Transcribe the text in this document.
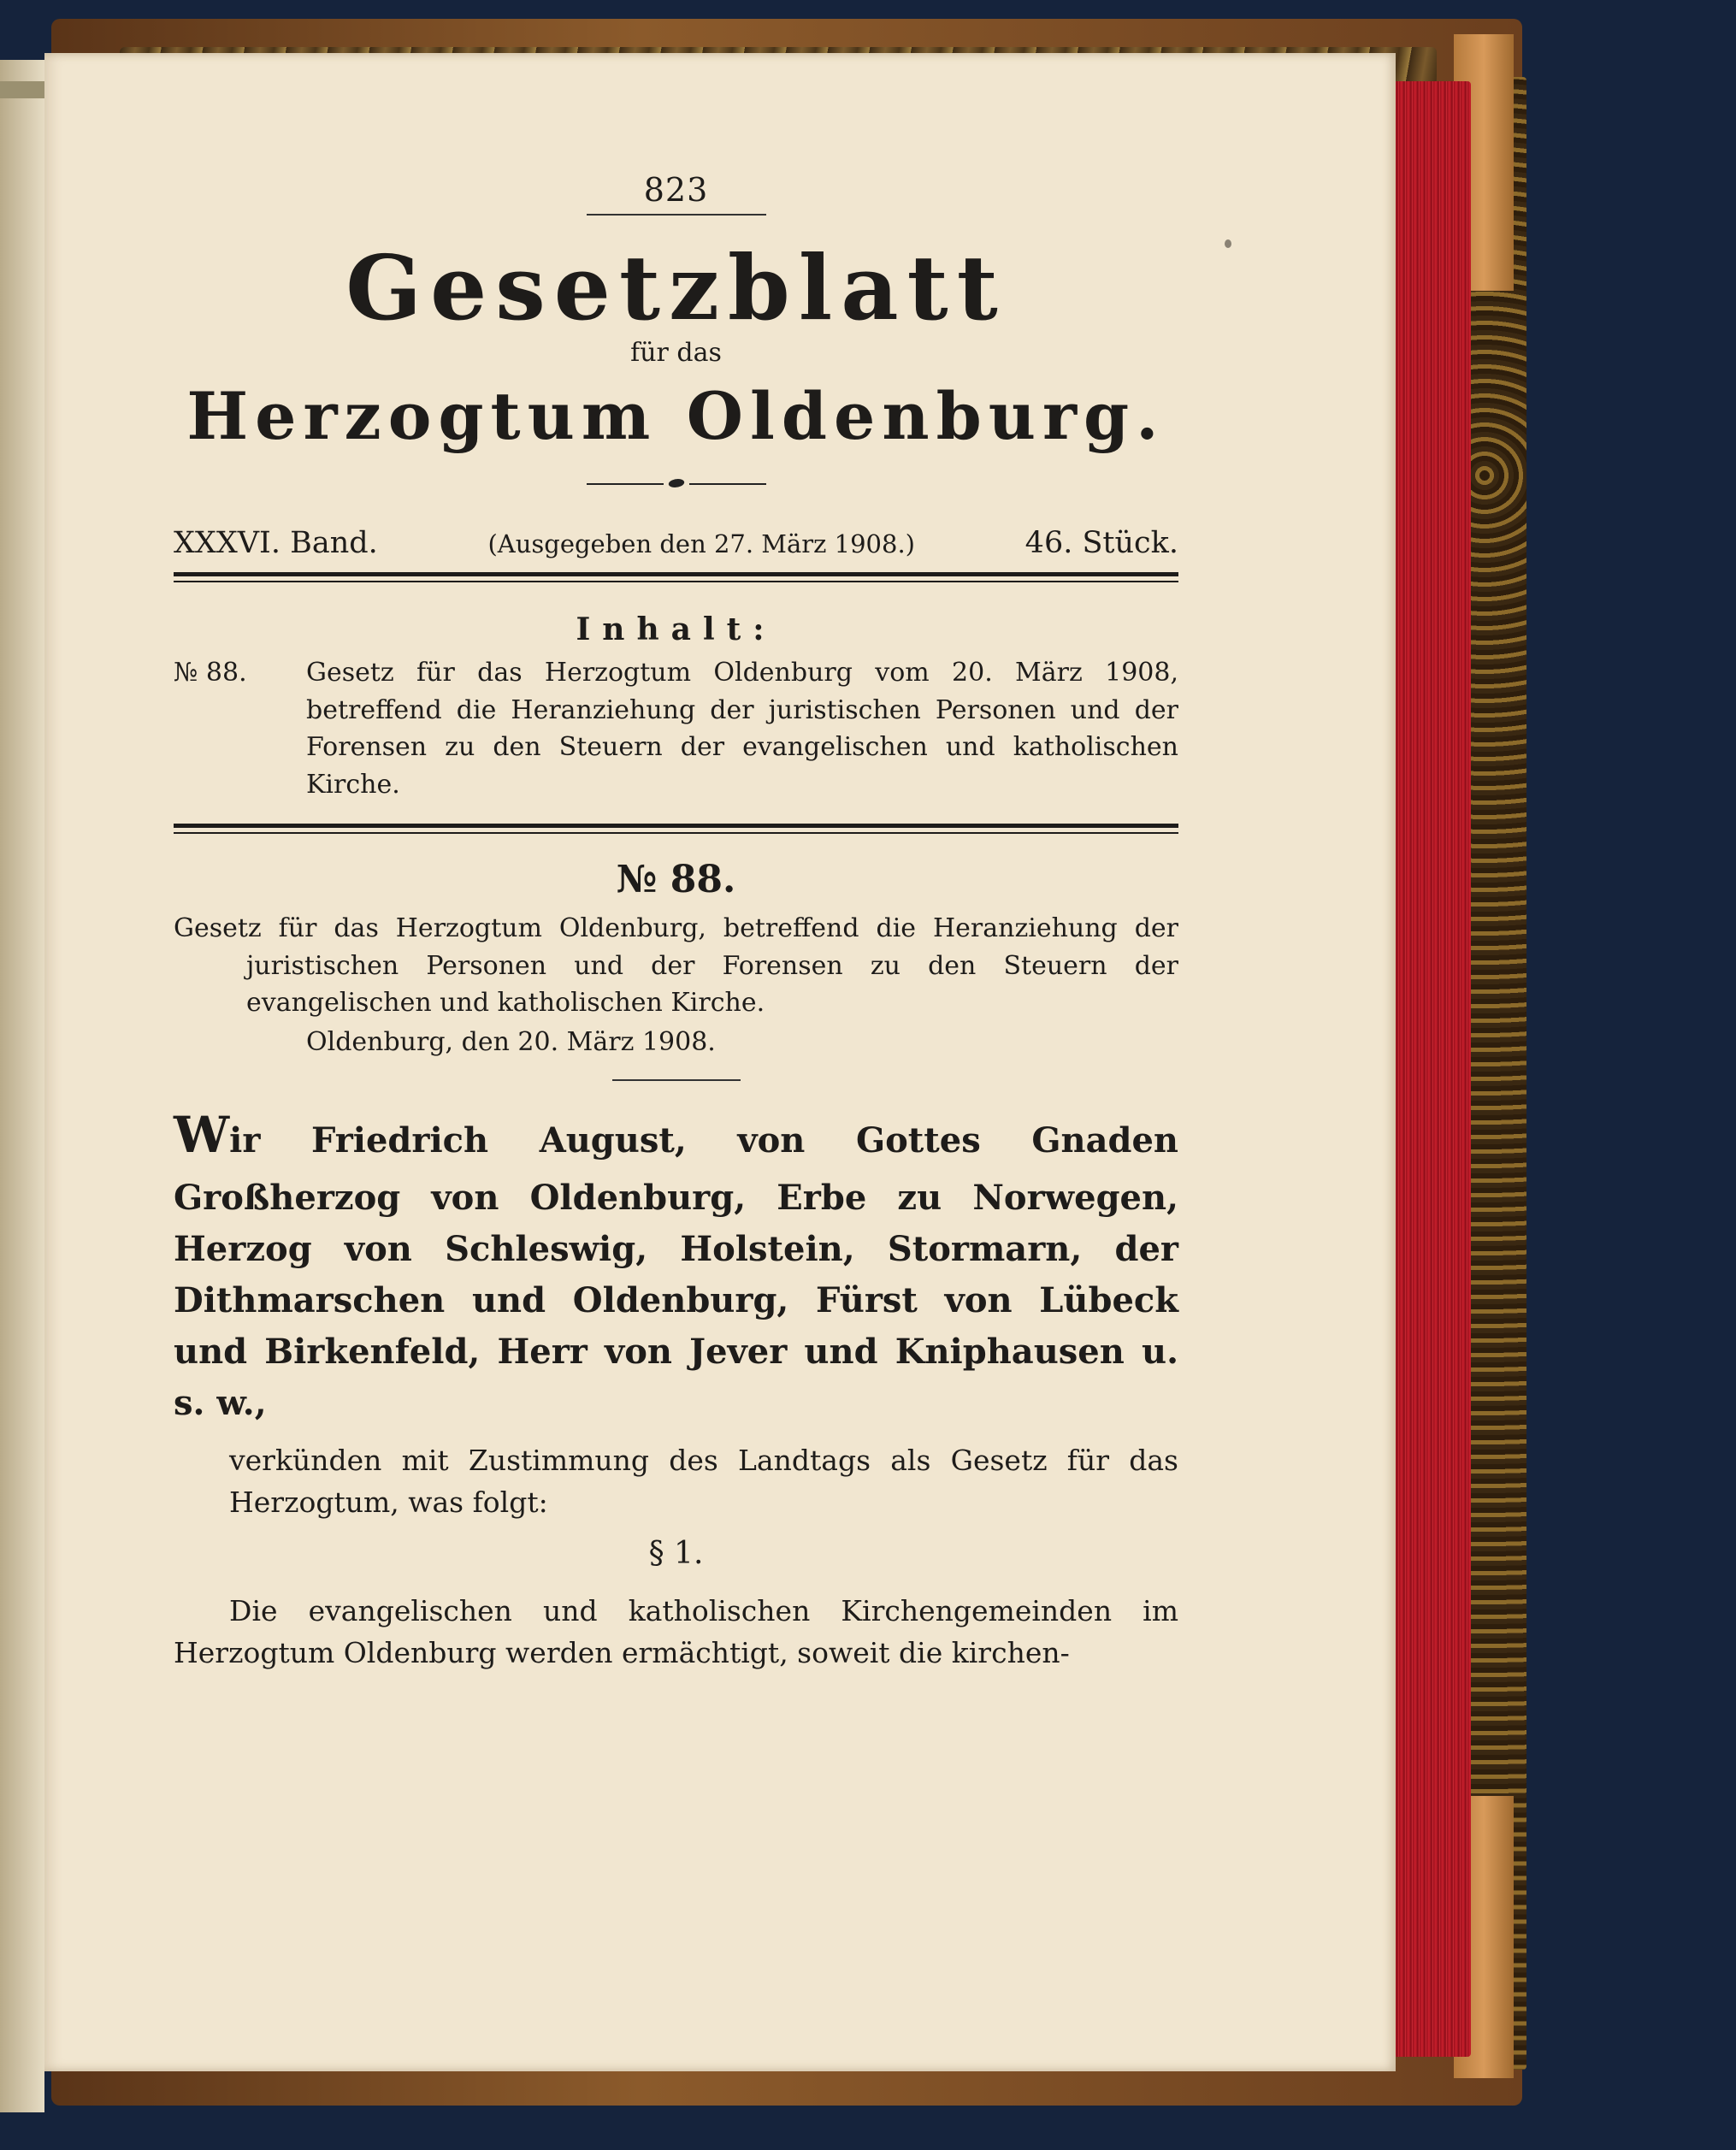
823
Gesetzblatt
für das
Herzogtum Oldenburg.
XXXVI. Band.	(Ausgegeben den 27. März 1908.)	46. Stück.
Inhalt:
№ 88.	Gesetz für das Herzogtum Oldenburg vom 20. März 1908, betreffend die Heranziehung der juristischen Personen und der Forensen zu den Steuern der evangelischen und katholischen Kirche.
№ 88.
Gesetz für das Herzogtum Oldenburg, betreffend die Heranziehung der juristischen Personen und der Forensen zu den Steuern der evangelischen und katholischen Kirche.
Oldenburg, den 20. März 1908.
Wir Friedrich August, von Gottes Gnaden Großherzog von Oldenburg, Erbe zu Norwegen, Herzog von Schleswig, Holstein, Stormarn, der Dithmarschen und Oldenburg, Fürst von Lübeck und Birkenfeld, Herr von Jever und Kniphausen u. s. w.,
verkünden mit Zustimmung des Landtags als Gesetz für das Herzogtum, was folgt:
§ 1.
Die evangelischen und katholischen Kirchengemeinden im Herzogtum Oldenburg werden ermächtigt, soweit die kirchen-
